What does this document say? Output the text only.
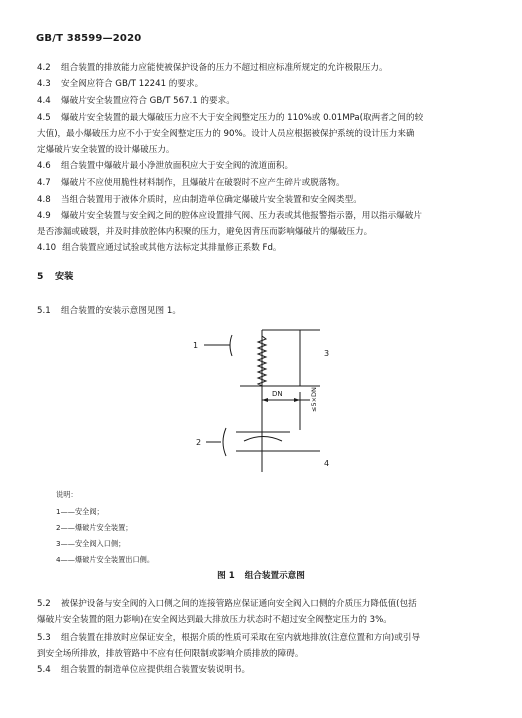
GB/T 38599—2020
4.2 组合装置的排放能力应能使被保护设备的压力不超过相应标准所规定的允许极限压力。
4.3 安全阀应符合 GB/T 12241 的要求。
4.4 爆破片安全装置应符合 GB/T 567.1 的要求。
4.5 爆破片安全装置的最大爆破压力应不大于安全阀整定压力的 110%或 0.01MPa(取两者之间的较
大值)，最小爆破压力应不小于安全阀整定压力的 90%。设计人员应根据被保护系统的设计压力来确
定爆破片安全装置的设计爆破压力。
4.6 组合装置中爆破片最小净泄放面积应大于安全阀的流道面积。
4.7 爆破片不应使用脆性材料制作，且爆破片在破裂时不应产生碎片或脱落物。
4.8 当组合装置用于液体介质时，应由制造单位确定爆破片安全装置和安全阀类型。
4.9 爆破片安全装置与安全阀之间的腔体应设置排气阀、压力表或其他报警指示器，用以指示爆破片
是否渗漏或破裂，并及时排放腔体内积聚的压力，避免因背压而影响爆破片的爆破压力。
4.10 组合装置应通过试验或其他方法标定其排量修正系数 Fd。
5 安装
5.1 组合装置的安装示意图见图 1。
1
2
3
4
DN	≤5×DN
说明：
1——安全阀；
2——爆破片安全装置；
3——安全阀入口侧；
4——爆破片安全装置出口侧。
图 1 组合装置示意图
5.2 被保护设备与安全阀的入口侧之间的连接管路应保证通向安全阀入口侧的介质压力降低值(包括
爆破片安全装置的阻力影响)在安全阀达到最大排放压力状态时不超过安全阀整定压力的 3%。
5.3 组合装置在排放时应保证安全，根据介质的性质可采取在室内就地排放(注意位置和方向)或引导
到安全场所排放，排放管路中不应有任何限制或影响介质排放的障碍。
5.4 组合装置的制造单位应提供组合装置安装说明书。
